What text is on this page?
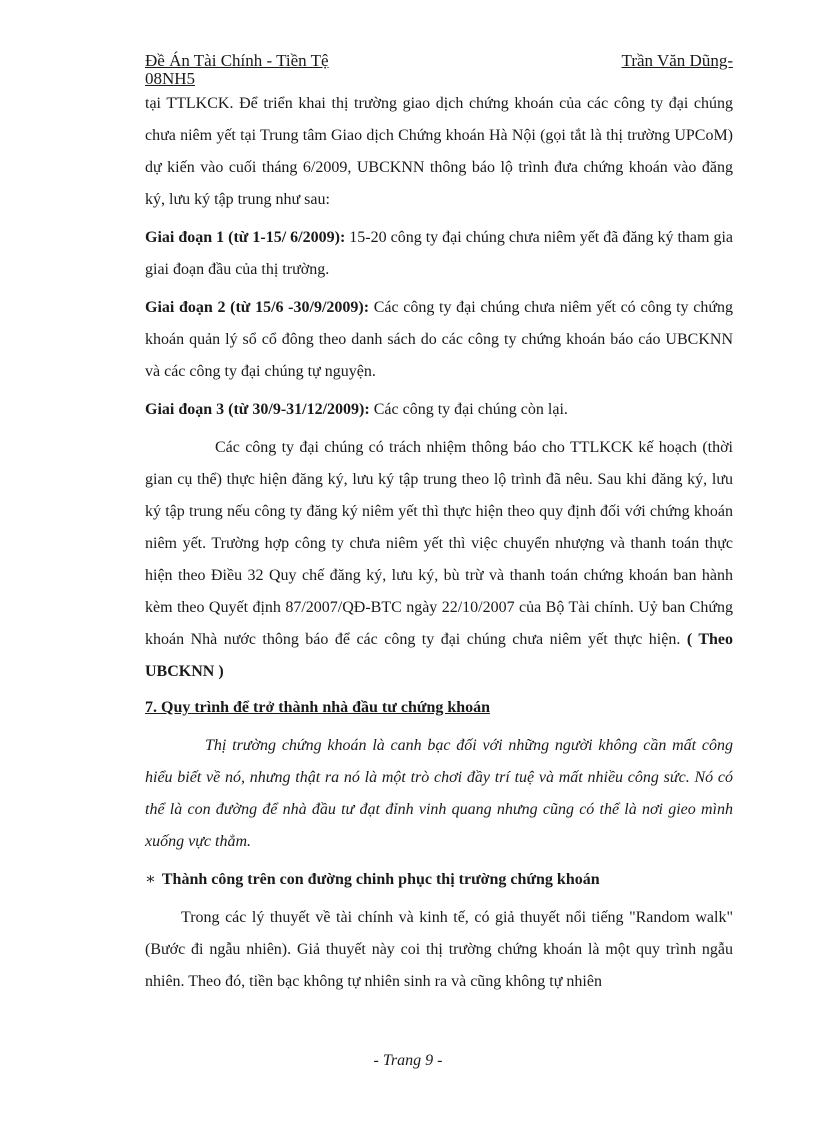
Đề Án Tài Chính - Tiền Tệ	Trần Văn Dũng-
08NH5

tại TTLKCK. Để triển khai thị trường giao dịch chứng khoán của các công ty đại chúng chưa niêm yết tại Trung tâm Giao dịch Chứng khoán Hà Nội (gọi tắt là thị trường UPCoM) dự kiến vào cuối tháng 6/2009, UBCKNN thông báo lộ trình đưa chứng khoán vào đăng ký, lưu ký tập trung như sau:

Giai đoạn 1 (từ 1-15/ 6/2009): 15-20 công ty đại chúng chưa niêm yết đã đăng ký tham gia giai đoạn đầu của thị trường.

Giai đoạn 2 (từ 15/6 -30/9/2009): Các công ty đại chúng chưa niêm yết có công ty chứng khoán quản lý sổ cổ đông theo danh sách do các công ty chứng khoán báo cáo UBCKNN và các công ty đại chúng tự nguyện.

Giai đoạn 3 (từ 30/9-31/12/2009): Các công ty đại chúng còn lại.

Các công ty đại chúng có trách nhiệm thông báo cho TTLKCK kế hoạch (thời gian cụ thể) thực hiện đăng ký, lưu ký tập trung theo lộ trình đã nêu. Sau khi đăng ký, lưu ký tập trung nếu công ty đăng ký niêm yết thì thực hiện theo quy định đối với chứng khoán niêm yết. Trường hợp công ty chưa niêm yết thì việc chuyển nhượng và thanh toán thực hiện theo Điều 32 Quy chế đăng ký, lưu ký, bù trừ và thanh toán chứng khoán ban hành kèm theo Quyết định 87/2007/QĐ-BTC ngày 22/10/2007 của Bộ Tài chính. Uỷ ban Chứng khoán Nhà nước thông báo để các công ty đại chúng chưa niêm yết thực hiện. ( Theo UBCKNN )

7. Quy trình để trở thành nhà đầu tư chứng khoán

Thị trường chứng khoán là canh bạc đối với những người không cần mất công hiểu biết về nó, nhưng thật ra nó là một trò chơi đầy trí tuệ và mất nhiều công sức. Nó có thể là con đường để nhà đầu tư đạt đỉnh vinh quang nhưng cũng có thể là nơi gieo mình xuống vực thẳm.

∗ Thành công trên con đường chinh phục thị trường chứng khoán

Trong các lý thuyết về tài chính và kinh tế, có giả thuyết nổi tiếng "Random walk" (Bước đi ngẫu nhiên). Giả thuyết này coi thị trường chứng khoán là một quy trình ngẫu nhiên. Theo đó, tiền bạc không tự nhiên sinh ra và cũng không tự nhiên

- Trang 9 -
